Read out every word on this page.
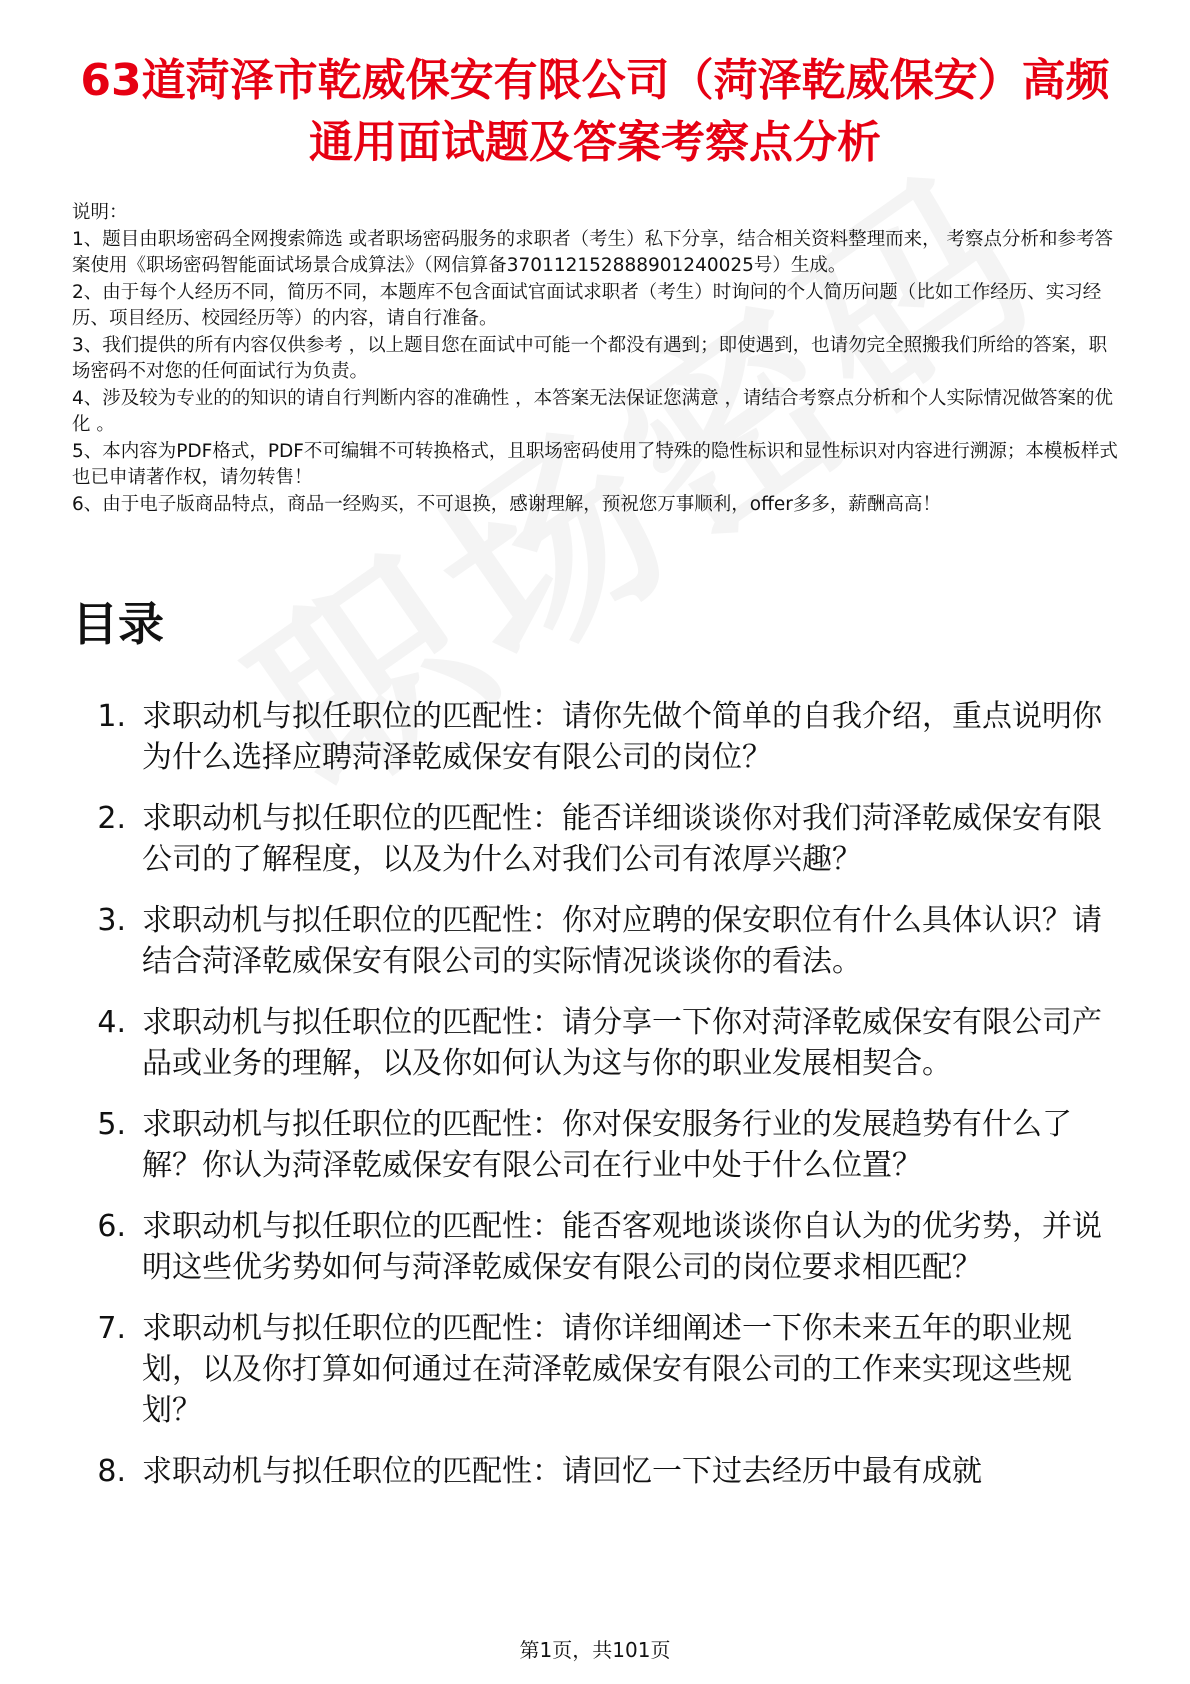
63道菏泽市乾威保安有限公司（菏泽乾威保安）高频通用面试题及答案考察点分析
说明：
1、题目由职场密码全网搜索筛选 或者职场密码服务的求职者（考生）私下分享，结合相关资料整理而来， 考察点分析和参考答案使用《职场密码智能面试场景合成算法》（网信算备370112152888901240025号）生成。
2、由于每个人经历不同，简历不同，本题库不包含面试官面试求职者（考生）时询问的个人简历问题（比如工作经历、实习经历、项目经历、校园经历等）的内容，请自行准备。
3、我们提供的所有内容仅供参考 ，以上题目您在面试中可能一个都没有遇到；即使遇到，也请勿完全照搬我们所给的答案，职场密码不对您的任何面试行为负责。
4、涉及较为专业的的知识的请自行判断内容的准确性 ，本答案无法保证您满意 ，请结合考察点分析和个人实际情况做答案的优化 。
5、本内容为PDF格式，PDF不可编辑不可转换格式，且职场密码使用了特殊的隐性标识和显性标识对内容进行溯源；本模板样式也已申请著作权，请勿转售！
6、由于电子版商品特点，商品一经购买，不可退换，感谢理解，预祝您万事顺利，offer多多，薪酬高高！
目录
1. 求职动机与拟任职位的匹配性：请你先做个简单的自我介绍，重点说明你为什么选择应聘菏泽乾威保安有限公司的岗位？
2. 求职动机与拟任职位的匹配性：能否详细谈谈你对我们菏泽乾威保安有限公司的了解程度，以及为什么对我们公司有浓厚兴趣？
3. 求职动机与拟任职位的匹配性：你对应聘的保安职位有什么具体认识？请结合菏泽乾威保安有限公司的实际情况谈谈你的看法。
4. 求职动机与拟任职位的匹配性：请分享一下你对菏泽乾威保安有限公司产品或业务的理解，以及你如何认为这与你的职业发展相契合。
5. 求职动机与拟任职位的匹配性：你对保安服务行业的发展趋势有什么了解？你认为菏泽乾威保安有限公司在行业中处于什么位置？
6. 求职动机与拟任职位的匹配性：能否客观地谈谈你自认为的优劣势，并说明这些优劣势如何与菏泽乾威保安有限公司的岗位要求相匹配？
7. 求职动机与拟任职位的匹配性：请你详细阐述一下你未来五年的职业规划，以及你打算如何通过在菏泽乾威保安有限公司的工作来实现这些规划？
8. 求职动机与拟任职位的匹配性：请回忆一下过去经历中最有成就
第1页，共101页
